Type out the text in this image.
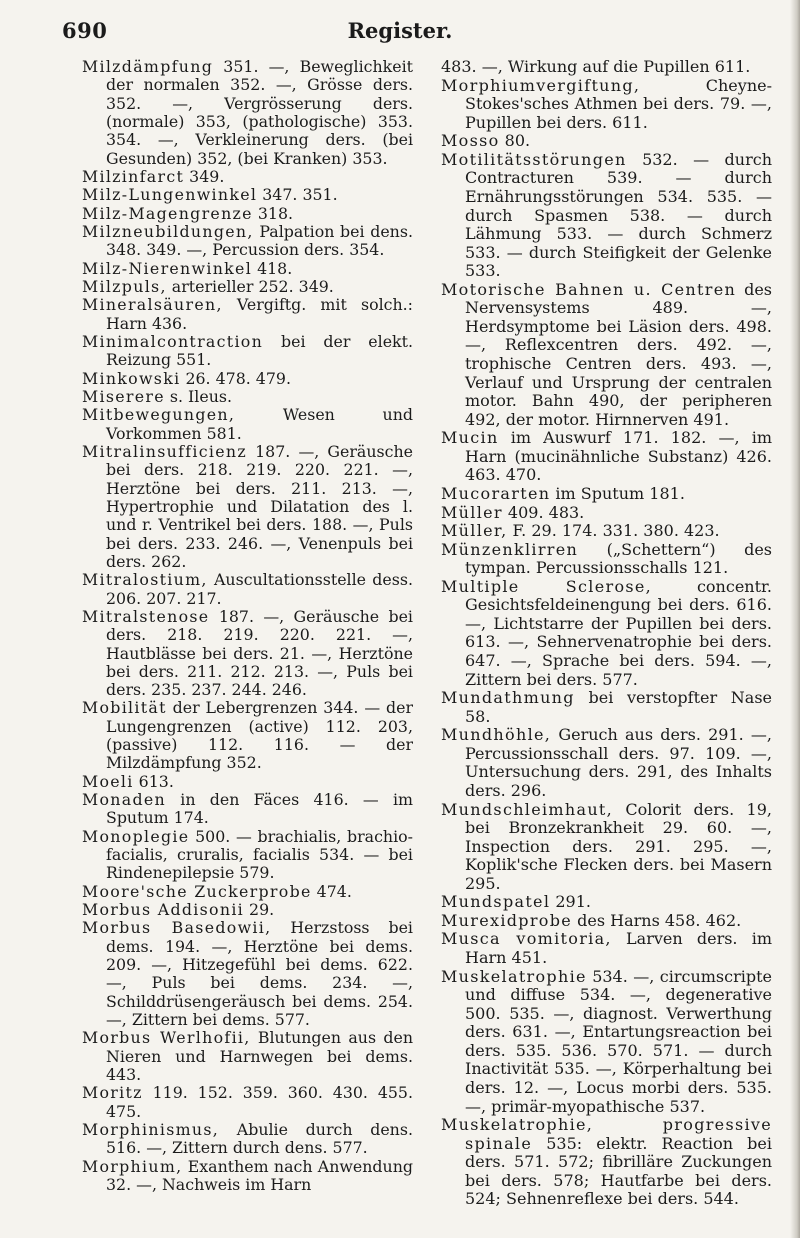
690	Register.

Milzdämpfung 351. —, Beweglichkeit der normalen 352. —, Grösse ders. 352. —, Vergrösserung ders. (normale) 353, (pathologische) 353. 354. —, Verkleinerung ders. (bei Gesunden) 352, (bei Kranken) 353.

Milzinfarct 349.

Milz-Lungenwinkel 347. 351.

Milz-Magengrenze 318.

Milzneubildungen, Palpation bei dens. 348. 349. —, Percussion ders. 354.

Milz-Nierenwinkel 418.

Milzpuls, arterieller 252. 349.

Mineralsäuren, Vergiftg. mit solch.: Harn 436.

Minimalcontraction bei der elekt. Reizung 551.

Minkowski 26. 478. 479.

Miserere s. Ileus.

Mitbewegungen, Wesen und Vorkommen 581.

Mitralinsufficienz 187. —, Geräusche bei ders. 218. 219. 220. 221. —, Herztöne bei ders. 211. 213. —, Hypertrophie und Dilatation des l. und r. Ventrikel bei ders. 188. —, Puls bei ders. 233. 246. —, Venenpuls bei ders. 262.

Mitralostium, Auscultationsstelle dess. 206. 207. 217.

Mitralstenose 187. —, Geräusche bei ders. 218. 219. 220. 221. —, Hautblässe bei ders. 21. —, Herztöne bei ders. 211. 212. 213. —, Puls bei ders. 235. 237. 244. 246.

Mobilität der Lebergrenzen 344. — der Lungengrenzen (active) 112. 203, (passive) 112. 116. — der Milzdämpfung 352.

Moeli 613.

Monaden in den Fäces 416. — im Sputum 174.

Monoplegie 500. — brachialis, brachio-facialis, cruralis, facialis 534. — bei Rindenepilepsie 579.

Moore'sche Zuckerprobe 474.

Morbus Addisonii 29.

Morbus Basedowii, Herzstoss bei dems. 194. —, Herztöne bei dems. 209. —, Hitzegefühl bei dems. 622. —, Puls bei dems. 234. —, Schilddrüsengeräusch bei dems. 254. —, Zittern bei dems. 577.

Morbus Werlhofii, Blutungen aus den Nieren und Harnwegen bei dems. 443.

Moritz 119. 152. 359. 360. 430. 455. 475.

Morphinismus, Abulie durch dens. 516. —, Zittern durch dens. 577.

Morphium, Exanthem nach Anwendung 32. —, Nachweis im Harn

483. —, Wirkung auf die Pupillen 611.

Morphiumvergiftung, Cheyne-Stokes'sches Athmen bei ders. 79. —, Pupillen bei ders. 611.

Mosso 80.

Motilitätsstörungen 532. — durch Contracturen 539. — durch Ernährungsstörungen 534. 535. — durch Spasmen 538. — durch Lähmung 533. — durch Schmerz 533. — durch Steifigkeit der Gelenke 533.

Motorische Bahnen u. Centren des Nervensystems 489. —, Herdsymptome bei Läsion ders. 498. —, Reflexcentren ders. 492. —, trophische Centren ders. 493. —, Verlauf und Ursprung der centralen motor. Bahn 490, der peripheren 492, der motor. Hirnnerven 491.

Mucin im Auswurf 171. 182. —, im Harn (mucinähnliche Substanz) 426. 463. 470.

Mucorarten im Sputum 181.

Müller 409. 483.

Müller, F. 29. 174. 331. 380. 423.

Münzenklirren („Schettern“) des tympan. Percussionsschalls 121.

Multiple Sclerose, concentr. Gesichtsfeldeinengung bei ders. 616. —, Lichtstarre der Pupillen bei ders. 613. —, Sehnervenatrophie bei ders. 647. —, Sprache bei ders. 594. —, Zittern bei ders. 577.

Mundathmung bei verstopfter Nase 58.

Mundhöhle, Geruch aus ders. 291. —, Percussionsschall ders. 97. 109. —, Untersuchung ders. 291, des Inhalts ders. 296.

Mundschleimhaut, Colorit ders. 19, bei Bronzekrankheit 29. 60. —, Inspection ders. 291. 295. —, Koplik'sche Flecken ders. bei Masern 295.

Mundspatel 291.

Murexidprobe des Harns 458. 462.

Musca vomitoria, Larven ders. im Harn 451.

Muskelatrophie 534. —, circumscripte und diffuse 534. —, degenerative 500. 535. —, diagnost. Verwerthung ders. 631. —, Entartungsreaction bei ders. 535. 536. 570. 571. — durch Inactivität 535. —, Körperhaltung bei ders. 12. —, Locus morbi ders. 535. —, primär-myopathische 537.

Muskelatrophie, progressive spinale 535: elektr. Reaction bei ders. 571. 572; fibrilläre Zuckungen bei ders. 578; Hautfarbe bei ders. 524; Sehnenreflexe bei ders. 544.
